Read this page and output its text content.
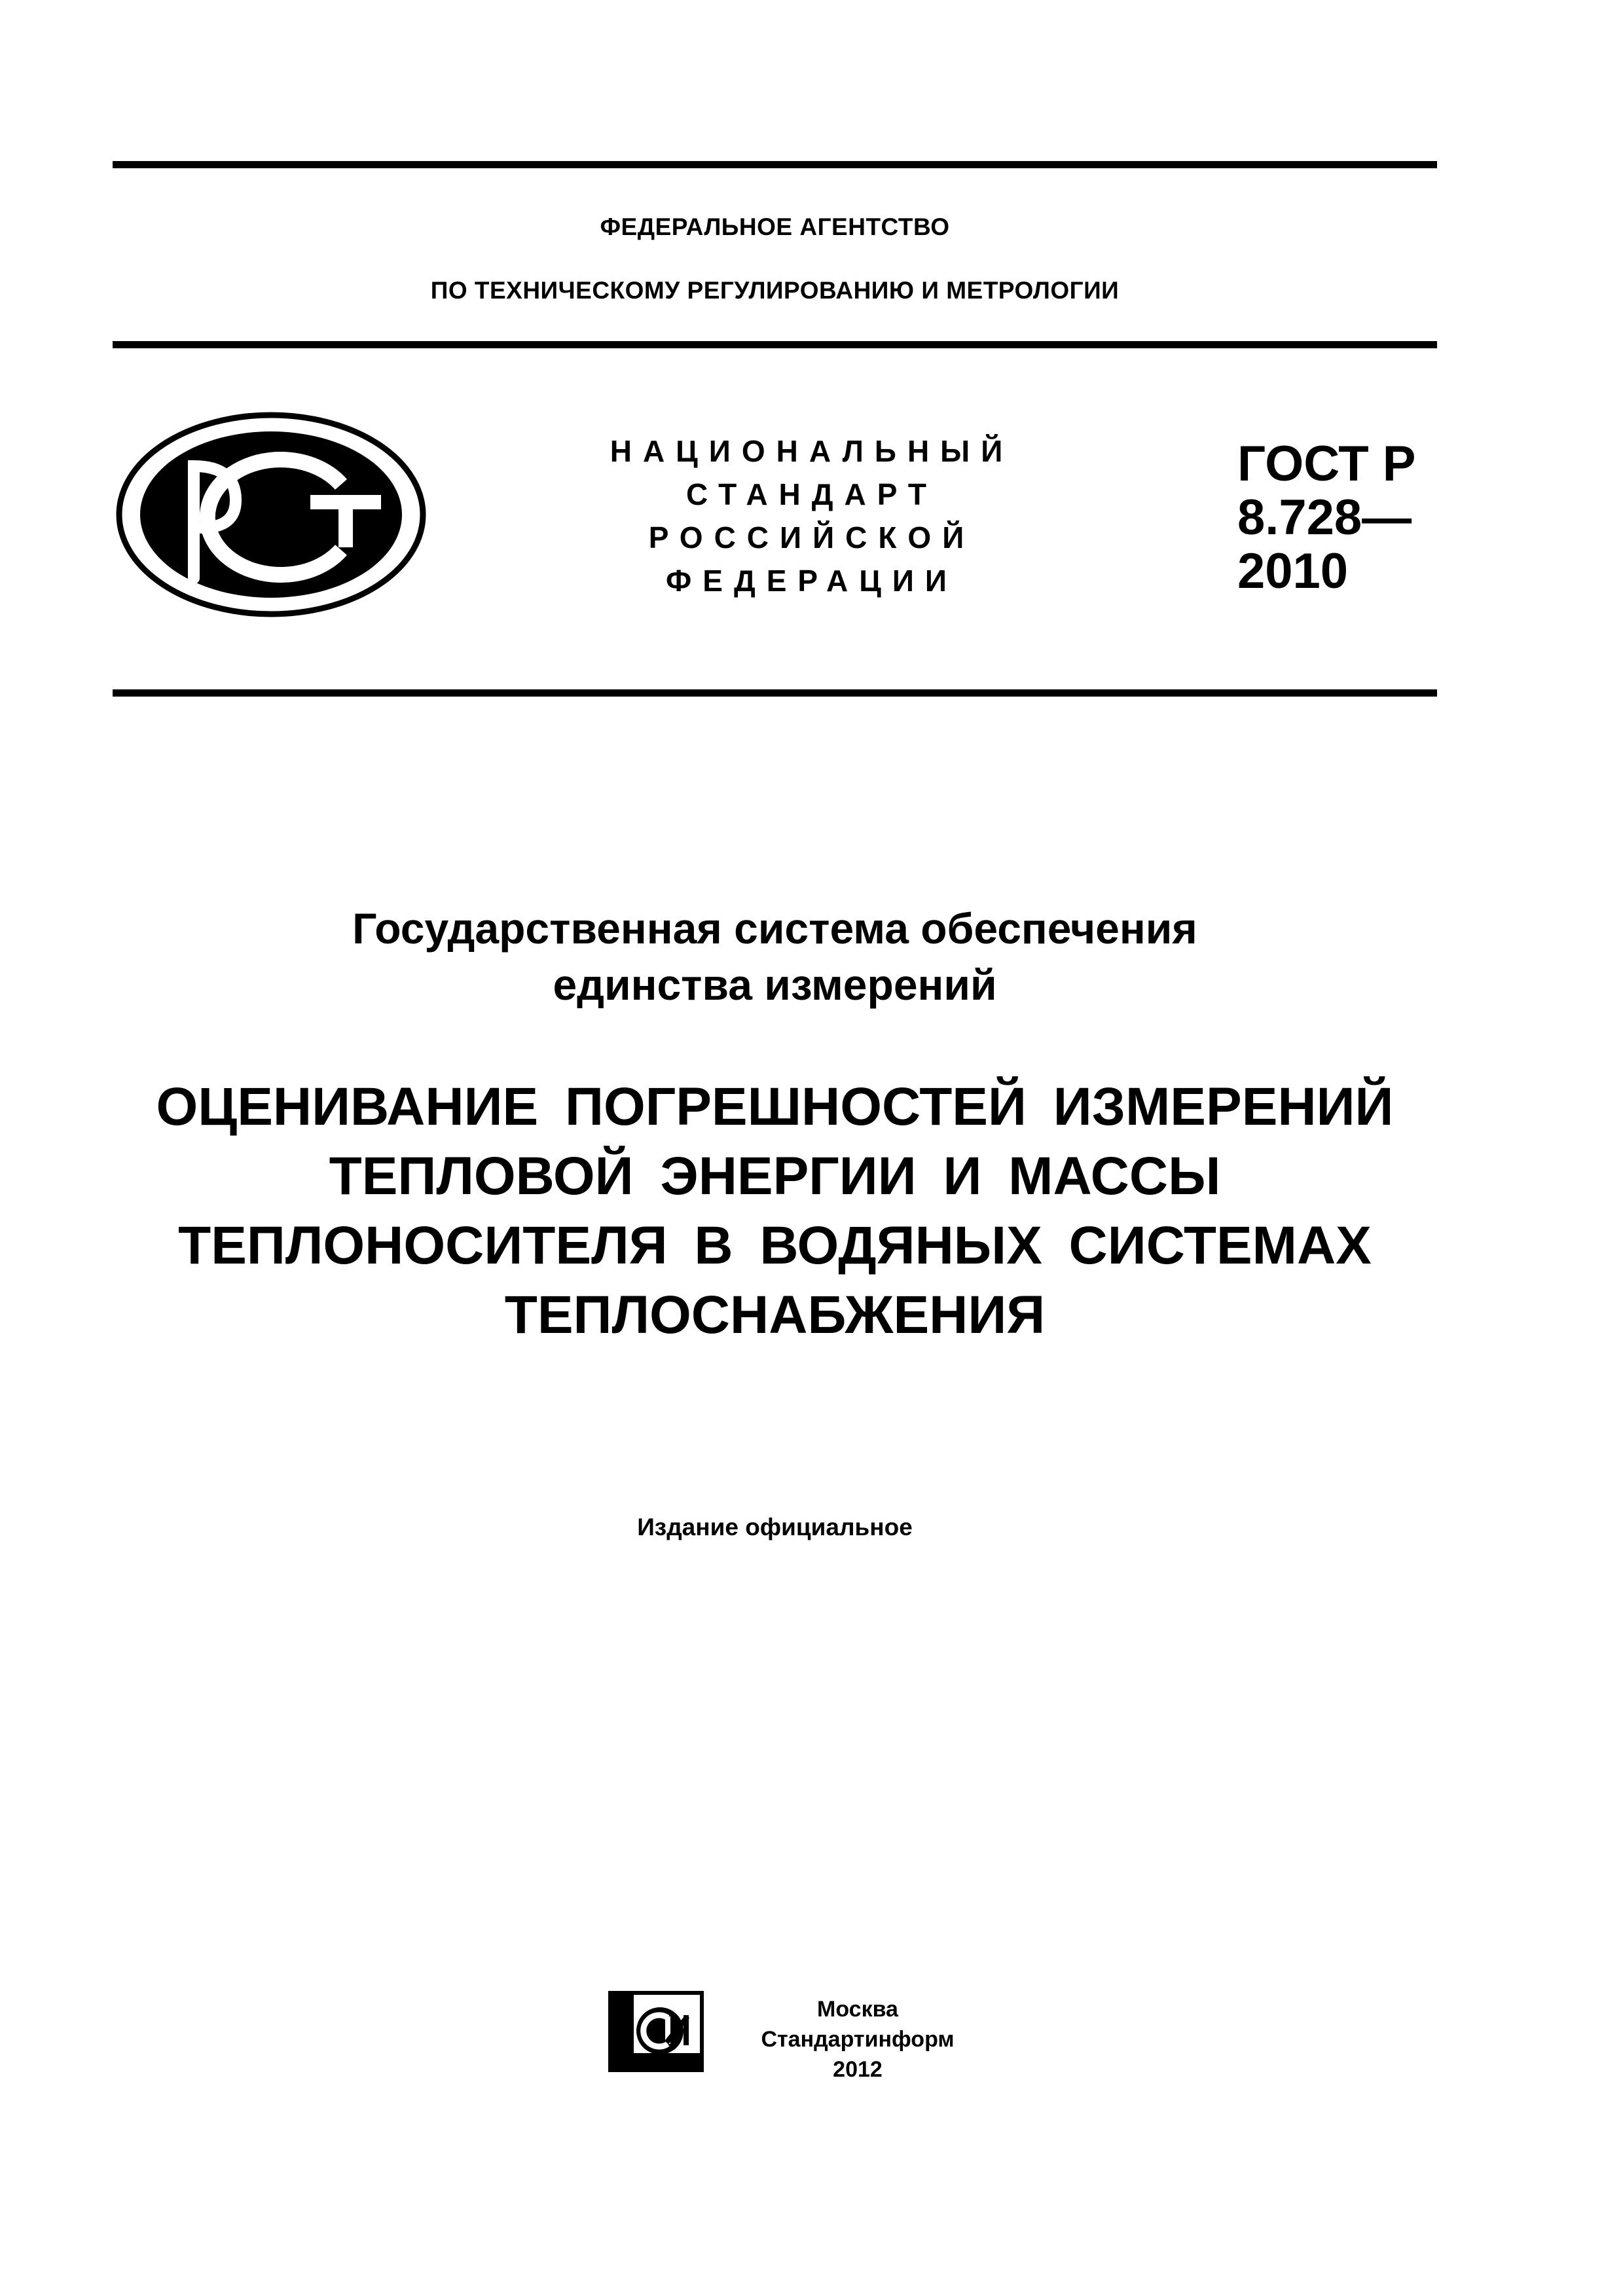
ФЕДЕРАЛЬНОЕ АГЕНТСТВО
ПО ТЕХНИЧЕСКОМУ РЕГУЛИРОВАНИЮ И МЕТРОЛОГИИ
НАЦИОНАЛЬНЫЙ
СТАНДАРТ
РОССИЙСКОЙ
ФЕДЕРАЦИИ
ГОСТ Р
8.728—
2010
Государственная система обеспечения
единства измерений
ОЦЕНИВАНИЕ ПОГРЕШНОСТЕЙ ИЗМЕРЕНИЙ
ТЕПЛОВОЙ ЭНЕРГИИ И МАССЫ
ТЕПЛОНОСИТЕЛЯ В ВОДЯНЫХ СИСТЕМАХ
ТЕПЛОСНАБЖЕНИЯ
Издание официальное
Москва
Стандартинформ
2012
